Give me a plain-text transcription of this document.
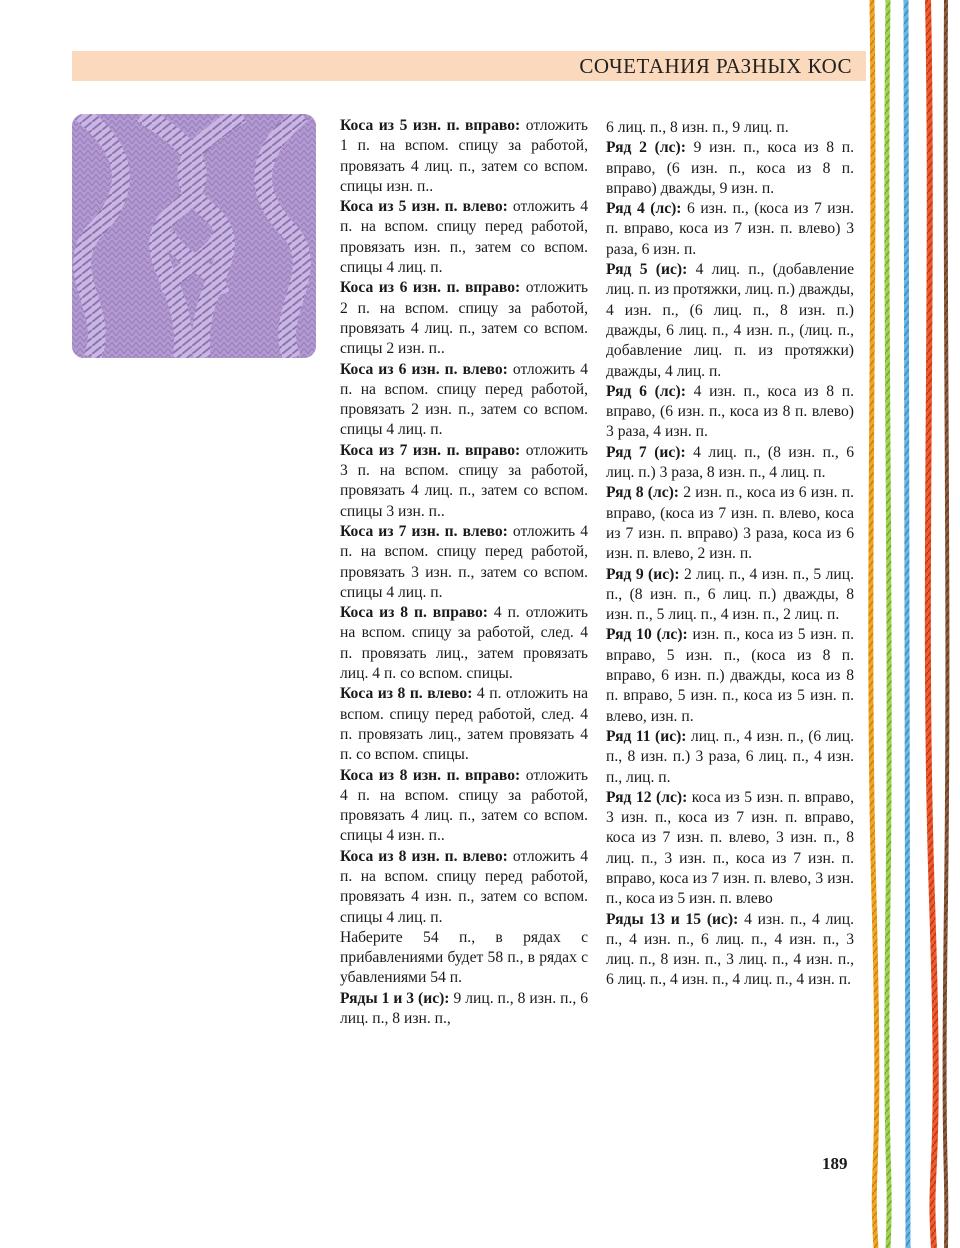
СОЧЕТАНИЯ РАЗНЫХ КОС

Коса из 5 изн. п. вправо: отложить 1 п. на вспом. спицу за работой, провязать 4 лиц. п., затем со вспом. спицы изн. п..

Коса из 5 изн. п. влево: отложить 4 п. на вспом. спицу перед работой, провязать изн. п., затем со вспом. спицы 4 лиц. п.

Коса из 6 изн. п. вправо: отложить 2 п. на вспом. спицу за работой, провязать 4 лиц. п., затем со вспом. спицы 2 изн. п..

Коса из 6 изн. п. влево: отложить 4 п. на вспом. спицу перед работой, провязать 2 изн. п., затем со вспом. спицы 4 лиц. п.

Коса из 7 изн. п. вправо: отложить 3 п. на вспом. спицу за работой, провязать 4 лиц. п., затем со вспом. спицы 3 изн. п..

Коса из 7 изн. п. влево: отложить 4 п. на вспом. спицу перед работой, провязать 3 изн. п., затем со вспом. спицы 4 лиц. п.

Коса из 8 п. вправо: 4 п. отложить на вспом. спицу за работой, след. 4 п. провязать лиц., затем провязать лиц. 4 п. со вспом. спицы.

Коса из 8 п. влево: 4 п. отложить на вспом. спицу перед работой, след. 4 п. провязать лиц., затем провязать 4 п. со вспом. спицы.

Коса из 8 изн. п. вправо: отложить 4 п. на вспом. спицу за работой, провязать 4 лиц. п., затем со вспом. спицы 4 изн. п..

Коса из 8 изн. п. влево: отложить 4 п. на вспом. спицу перед работой, провязать 4 изн. п., затем со вспом. спицы 4 лиц. п.

Наберите 54 п., в рядах с прибавлениями будет 58 п., в рядах с убавлениями 54 п.

Ряды 1 и 3 (ис): 9 лиц. п., 8 изн. п., 6 лиц. п., 8 изн. п.,

6 лиц. п., 8 изн. п., 9 лиц. п.

Ряд 2 (лс): 9 изн. п., коса из 8 п. вправо, (6 изн. п., коса из 8 п. вправо) дважды, 9 изн. п.

Ряд 4 (лс): 6 изн. п., (коса из 7 изн. п. вправо, коса из 7 изн. п. влево) 3 раза, 6 изн. п.

Ряд 5 (ис): 4 лиц. п., (добавление лиц. п. из протяжки, лиц. п.) дважды, 4 изн. п., (6 лиц. п., 8 изн. п.) дважды, 6 лиц. п., 4 изн. п., (лиц. п., добавление лиц. п. из протяжки) дважды, 4 лиц. п.

Ряд 6 (лс): 4 изн. п., коса из 8 п. вправо, (6 изн. п., коса из 8 п. влево) 3 раза, 4 изн. п.

Ряд 7 (ис): 4 лиц. п., (8 изн. п., 6 лиц. п.) 3 раза, 8 изн. п., 4 лиц. п.

Ряд 8 (лс): 2 изн. п., коса из 6 изн. п. вправо, (коса из 7 изн. п. влево, коса из 7 изн. п. вправо) 3 раза, коса из 6 изн. п. влево, 2 изн. п.

Ряд 9 (ис): 2 лиц. п., 4 изн. п., 5 лиц. п., (8 изн. п., 6 лиц. п.) дважды, 8 изн. п., 5 лиц. п., 4 изн. п., 2 лиц. п.

Ряд 10 (лс): изн. п., коса из 5 изн. п. вправо, 5 изн. п., (коса из 8 п. вправо, 6 изн. п.) дважды, коса из 8 п. вправо, 5 изн. п., коса из 5 изн. п. влево, изн. п.

Ряд 11 (ис): лиц. п., 4 изн. п., (6 лиц. п., 8 изн. п.) 3 раза, 6 лиц. п., 4 изн. п., лиц. п.

Ряд 12 (лс): коса из 5 изн. п. вправо, 3 изн. п., коса из 7 изн. п. вправо, коса из 7 изн. п. влево, 3 изн. п., 8 лиц. п., 3 изн. п., коса из 7 изн. п. вправо, коса из 7 изн. п. влево, 3 изн. п., коса из 5 изн. п. влево

Ряды 13 и 15 (ис): 4 изн. п., 4 лиц. п., 4 изн. п., 6 лиц. п., 4 изн. п., 3 лиц. п., 8 изн. п., 3 лиц. п., 4 изн. п., 6 лиц. п., 4 изн. п., 4 лиц. п., 4 изн. п.

189
